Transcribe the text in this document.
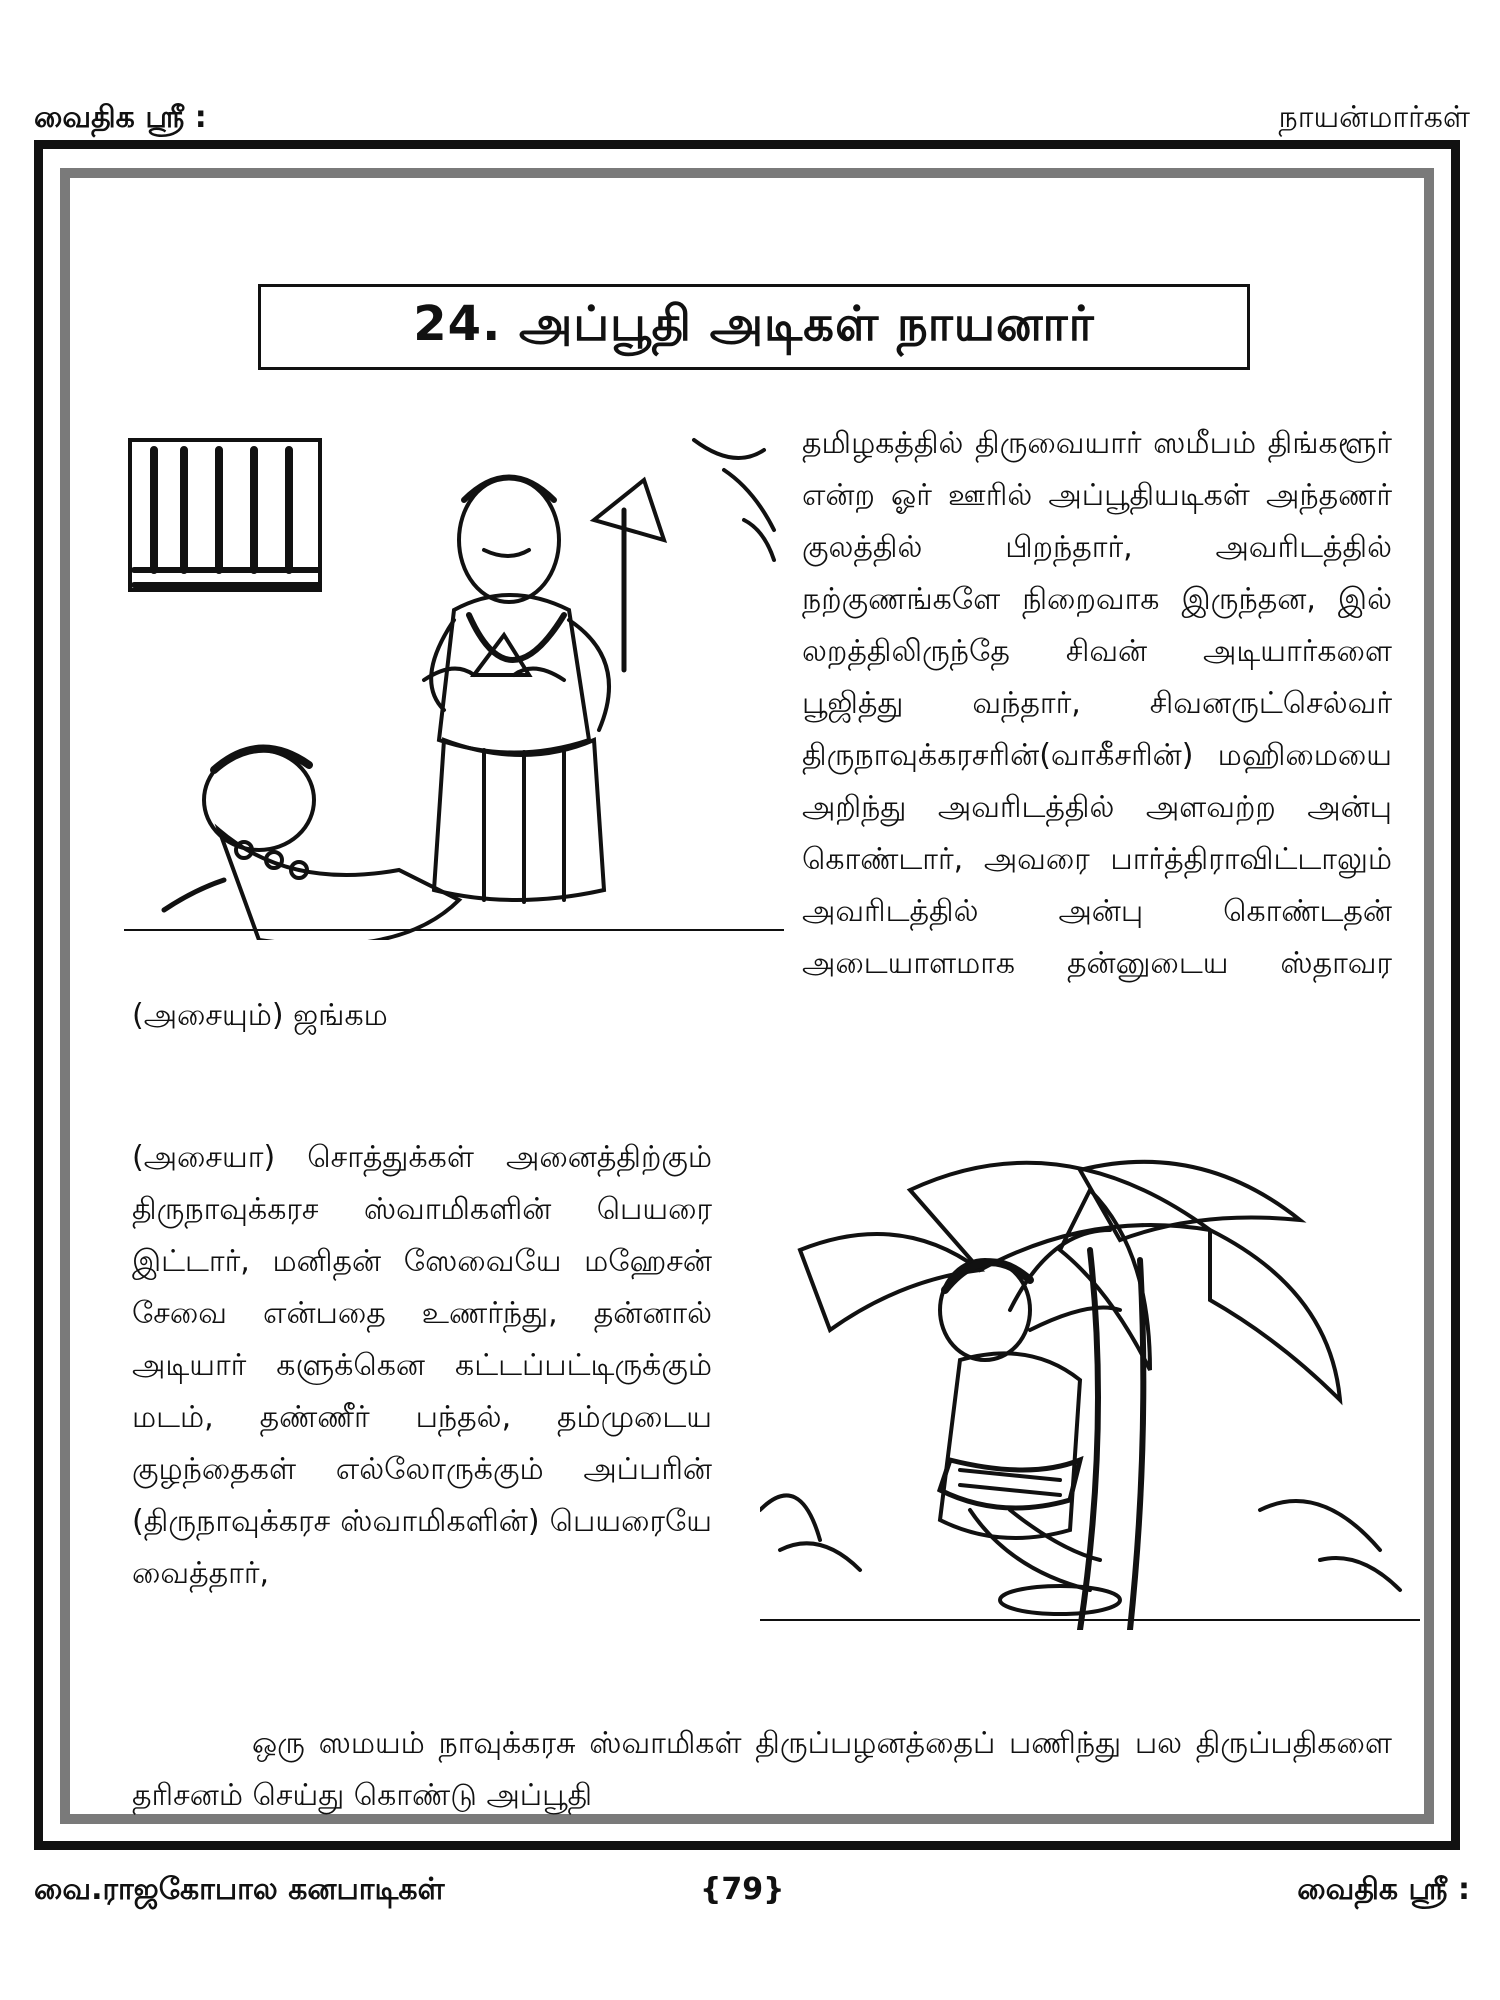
வைதிக ஸ்ரீ :	நாயன்மார்கள்
24. அப்பூதி அடிகள் நாயனார்

தமிழகத்தில் திருவையார் ஸமீபம் திங்களூர் என்ற ஓர் ஊரில் அப்பூதியடிகள் அந்தணர் குலத்தில் பிறந்தார், அவரிடத்தில் நற்குணங்களே நிறைவாக இருந்தன, இல் லறத்திலிருந்தே சிவன் அடியார்களை பூஜித்து வந்தார், சிவனருட்செல்வர் திருநாவுக்கரசரின்(வாகீசரின்) மஹிமையை அறிந்து அவரிடத்தில் அளவற்ற அன்பு கொண்டார், அவரை பார்த்திராவிட்டாலும் அவரிடத்தில் அன்பு கொண்டதன் அடையாளமாக தன்னுடைய ஸ்தாவர (அசையும்) ஜங்கம

(அசையா) சொத்துக்கள் அனைத்திற்கும் திருநாவுக்கரச ஸ்வாமிகளின் பெயரை இட்டார், மனிதன் ஸேவையே மஹேசன் சேவை என்பதை உணர்ந்து, தன்னால் அடியார் களுக்கென கட்டப்பட்டிருக்கும் மடம், தண்ணீர் பந்தல், தம்முடைய குழந்தைகள் எல்லோருக்கும் அப்பரின் (திருநாவுக்கரச ஸ்வாமிகளின்) பெயரையே வைத்தார்,

ஒரு ஸமயம் நாவுக்கரசு ஸ்வாமிகள் திருப்பழனத்தைப் பணிந்து பல திருப்பதிகளை தரிசனம் செய்து கொண்டு அப்பூதி

வை.ராஜகோபால கனபாடிகள்	{79}	வைதிக ஸ்ரீ :
